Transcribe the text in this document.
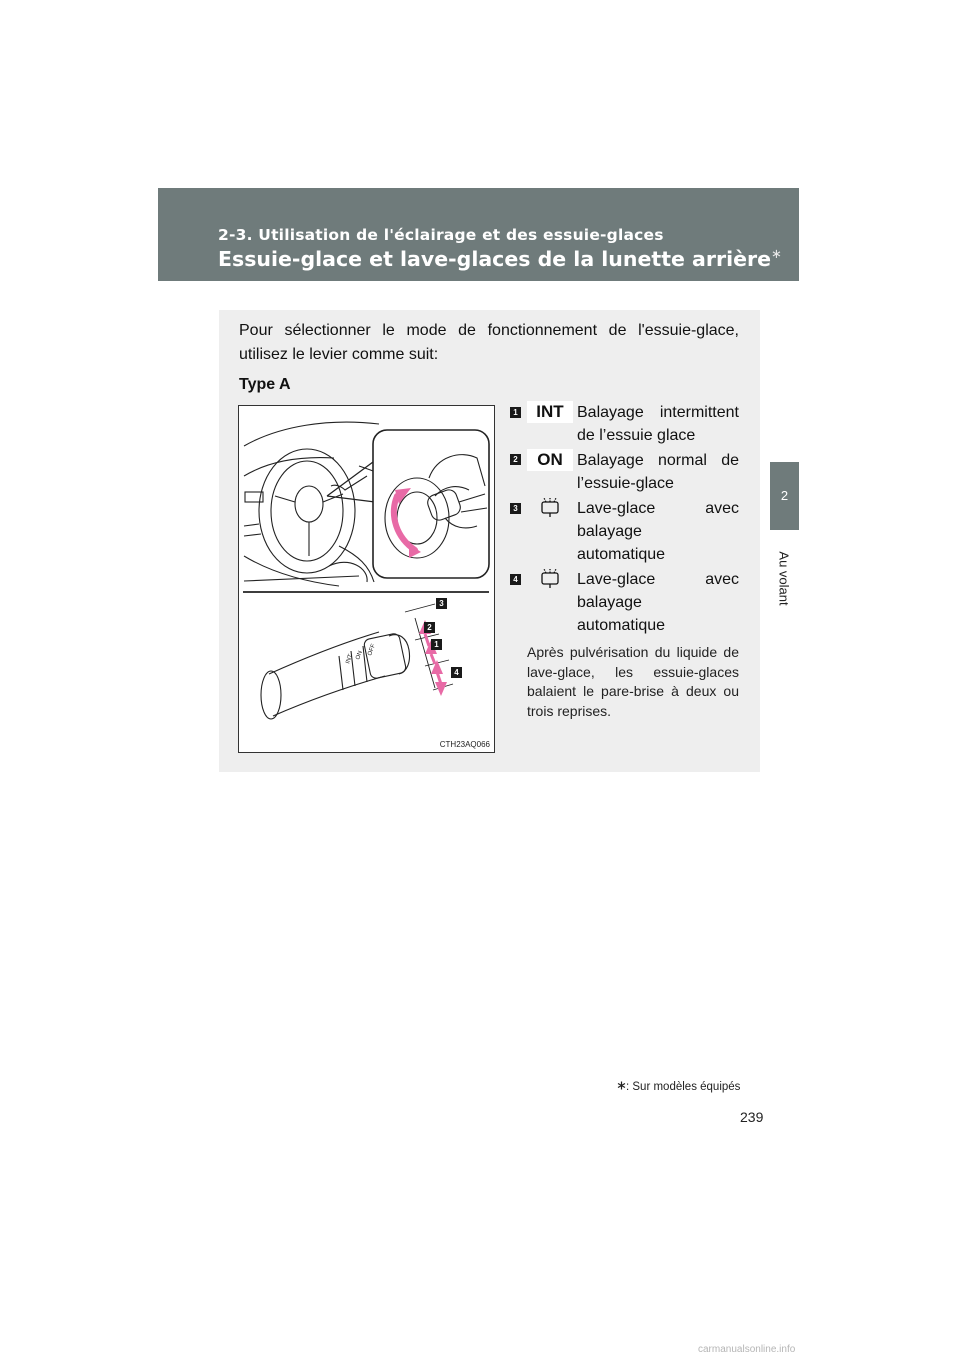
2-3. Utilisation de l'éclairage et des essuie-glaces
Essuie-glace et lave-glaces de la lunette arrière∗
2
Au volant
Pour sélectionner le mode de fonctionnement de l'essuie-glace, utilisez le levier comme suit:
Type A
INT ON OFF
CTH23AQ066
3
2
1
4
1	INT Balayage intermittent
de l’essuie glace
2	ON Balayage normal de
l’essuie-glace
3	Lave-glace avec
balayage
automatique
4	Lave-glace avec
balayage
automatique
Après pulvérisation du liquide de lave-glace, les essuie-glaces balaient le pare-brise à deux ou trois reprises.
: Sur modèles équipés
239
carmanualsonline.info
